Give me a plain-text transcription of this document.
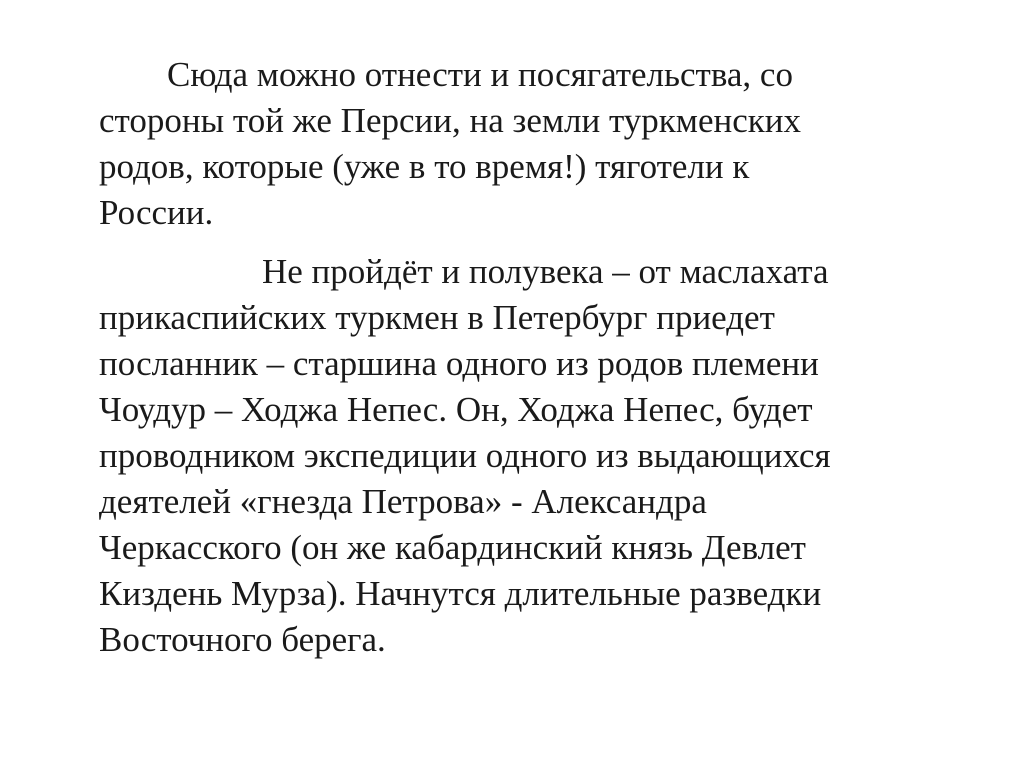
Сюда можно отнести и посягательства, со
стороны той же Персии, на земли туркменских
родов, которые (уже в то время!) тяготели к
России.

Не пройдёт и полувека – от маслахата
прикаспийских туркмен в Петербург приедет
посланник – старшина одного из родов племени
Чоудур – Ходжа Непес. Он, Ходжа Непес, будет
проводником экспедиции одного из выдающихся
деятелей «гнезда Петрова» - Александра
Черкасского (он же кабардинский князь Девлет
Киздень Мурза). Начнутся длительные разведки
Восточного берега.
